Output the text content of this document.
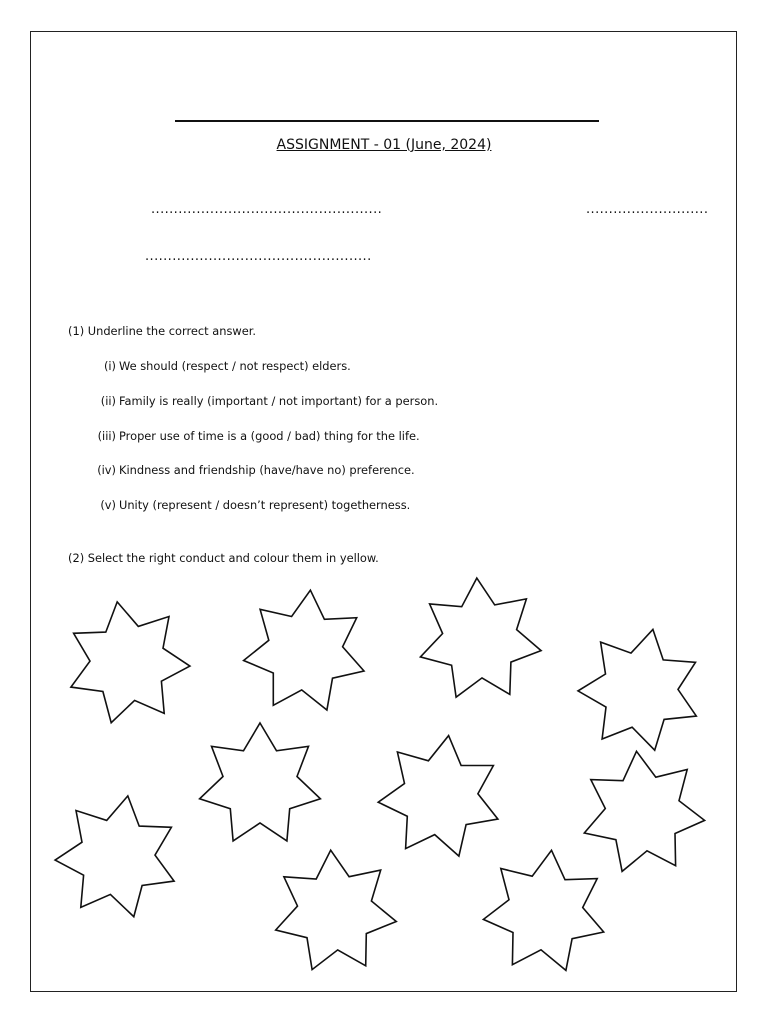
ASSIGNMENT - 01 (June, 2024)
...................................................	...........................
..................................................
(1) Underline the correct answer.
(i) We should (respect / not respect) elders.
(ii) Family is really (important / not important) for a person.
(iii) Proper use of time is a (good / bad) thing for the life.
(iv) Kindness and friendship (have/have no) preference.
(v) Unity (represent / doesn’t represent) togetherness.
(2) Select the right conduct and colour them in yellow.
